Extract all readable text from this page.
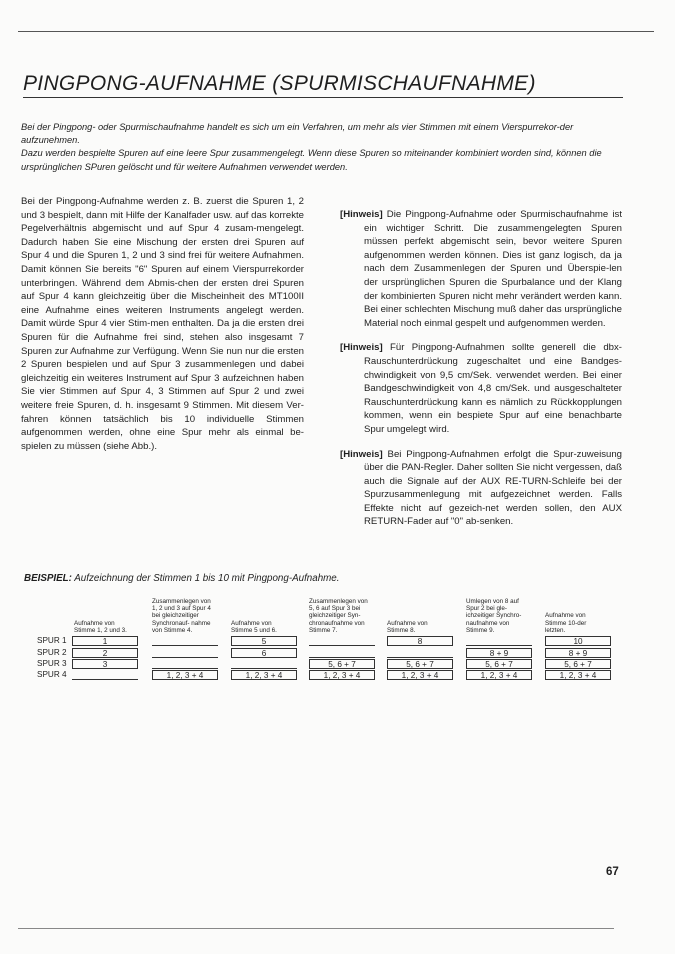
PINGPONG-AUFNAHME (SPURMISCHAUFNAHME)

Bei der Pingpong- oder Spurmischaufnahme handelt es sich um ein Verfahren, um mehr als vier Stimmen mit einem Vierspurrekor-der aufzunehmen.

Dazu werden bespielte Spuren auf eine leere Spur zusammengelegt. Wenn diese Spuren so miteinander kombiniert worden sind, können die ursprünglichen SPuren gelöscht und für weitere Aufnahmen verwendet werden.

Bei der Pingpong-Aufnahme werden z. B. zuerst die Spuren 1, 2 und 3 bespielt, dann mit Hilfe der Kanalfader usw. auf das korrekte Pegelverhältnis abgemischt und auf Spur 4 zusam-mengelegt. Dadurch haben Sie eine Mischung der ersten drei Spuren auf Spur 4 und die Spuren 1, 2 und 3 sind frei für weitere Aufnahmen. Damit können Sie bereits "6" Spuren auf einem Vierspurrekorder unterbringen. Während dem Abmis-chen der ersten drei Spuren auf Spur 4 kann gleichzeitig über die Mischeinheit des MT100II eine Aufnahme eines weiteren Instruments angelegt werden. Damit würde Spur 4 vier Stim-men enthalten. Da ja die ersten drei Spuren für die Aufnahme frei sind, stehen also insgesamt 7 Spuren zur Aufnahme zur Verfügung. Wenn Sie nun nur die ersten 2 Spuren bespielen und auf Spur 3 zusammenlegen und dabei gleichzeitig ein weiteres Instrument auf Spur 3 aufzeichnen haben Sie vier Stimmen auf Spur 4, 3 Stimmen auf Spur 2 und zwei weitere freie Spuren, d. h. insgesamt 9 Stimmen. Mit diesem Ver-fahren können tatsächlich bis 10 individuelle Stimmen aufgenommen werden, ohne eine Spur mehr als einmal be-spielen zu müssen (siehe Abb.).
[Hinweis] Die Pingpong-Aufnahme oder Spurmischaufnahme ist ein wichtiger Schritt. Die zusammengelegten Spuren müssen perfekt abgemischt sein, bevor weitere Spuren aufgenommen werden können. Dies ist ganz logisch, da ja nach dem Zusammenlegen der Spuren und Überspie-len der ursprünglichen Spuren die Spurbalance und der Klang der kombinierten Spuren nicht mehr verändert werden kann. Bei einer schlechten Mischung muß daher das ursprüngliche Material noch einmal gespelt und aufgenommen werden.
[Hinweis] Für Pingpong-Aufnahmen sollte generell die dbx-Rauschunterdrückung zugeschaltet und eine Bandges-chwindigkeit von 9,5 cm/Sek. verwendet werden. Bei einer Bandgeschwindigkeit von 4,8 cm/Sek. und ausgeschalteter Rauschunterdrückung kann es nämlich zu Rückkopplungen kommen, wenn ein bespiete Spur auf eine benachbarte Spur umgelegt wird.
[Hinweis] Bei Pingpong-Aufnahmen erfolgt die Spur-zuweisung über die PAN-Regler. Daher sollten Sie nicht vergessen, daß auch die Signale auf der AUX RE-TURN-Schleife bei der Spurzusammenlegung mit aufgezeichnet werden. Falls Effekte nicht auf gezeich-net werden sollen, den AUX RETURN-Fader auf "0" ab-senken.
BEISPIEL: Aufzeichnung der Stimmen 1 bis 10 mit Pingpong-Aufnahme.
SPUR 1
SPUR 2
SPUR 3
SPUR 4
Aufnahme von
Stimme 1, 2 und 3.
Zusammenlegen von
1, 2 und 3 auf Spur 4
bei gleichzeitiger
Synchronauf- nahme
von Stimme 4.
Aufnahme von
Stimme 5 und 6.
Zusammenlegen von
5, 6 auf Spur 3 bei
gleichzeitiger Syn-
chronaufnahme von
Stimme 7.
Aufnahme von
Stimme 8.
Umlegen von 8 auf
Spur 2 bei gle-
ichzeitiger Synchro-
naufnahme von
Stimme 9.
Aufnahme von
Stimme 10-der
letzten.
1
2
3
1, 2, 3 + 4
5
6
1, 2, 3 + 4
5, 6 + 7
1, 2, 3 + 4
8
5, 6 + 7
1, 2, 3 + 4
8 + 9
5, 6 + 7
1, 2, 3 + 4
10
8 + 9
5, 6 + 7
1, 2, 3 + 4
67
